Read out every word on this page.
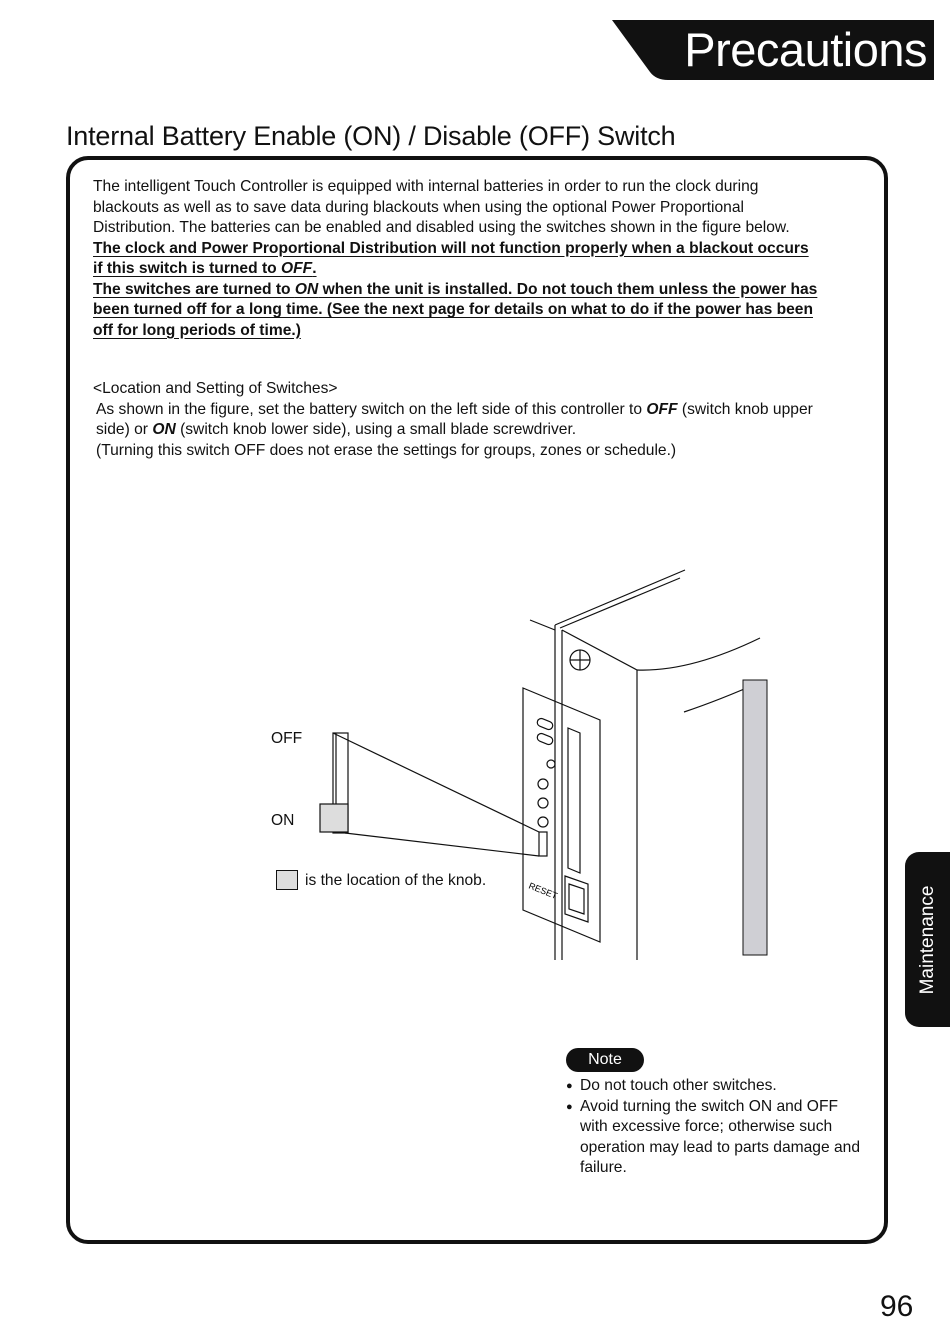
Precautions
Internal Battery Enable (ON) / Disable (OFF) Switch

The intelligent Touch Controller is equipped with internal batteries in order to run the clock during

blackouts as well as to save data during blackouts when using the optional Power Proportional

Distribution. The batteries can be enabled and disabled using the switches shown in the figure below.

The clock and Power Proportional Distribution will not function properly when a blackout occurs

if this switch is turned to OFF.

The switches are turned to ON when the unit is installed. Do not touch them unless the power has

been turned off for a long time. (See the next page for details on what to do if the power has been

off for long periods of time.)

<Location and Setting of Switches>

As shown in the figure, set the battery switch on the left side of this controller to OFF (switch knob upper

side) or ON (switch knob lower side), using a small blade screwdriver.

(Turning this switch OFF does not erase the settings for groups, zones or schedule.)

RESET
OFF
ON
is the location of the knob.
Maintenance
Note
● Do not touch other switches.
● Avoid turning the switch ON and OFF with excessive force; otherwise such operation may lead to parts damage and failure.
96
